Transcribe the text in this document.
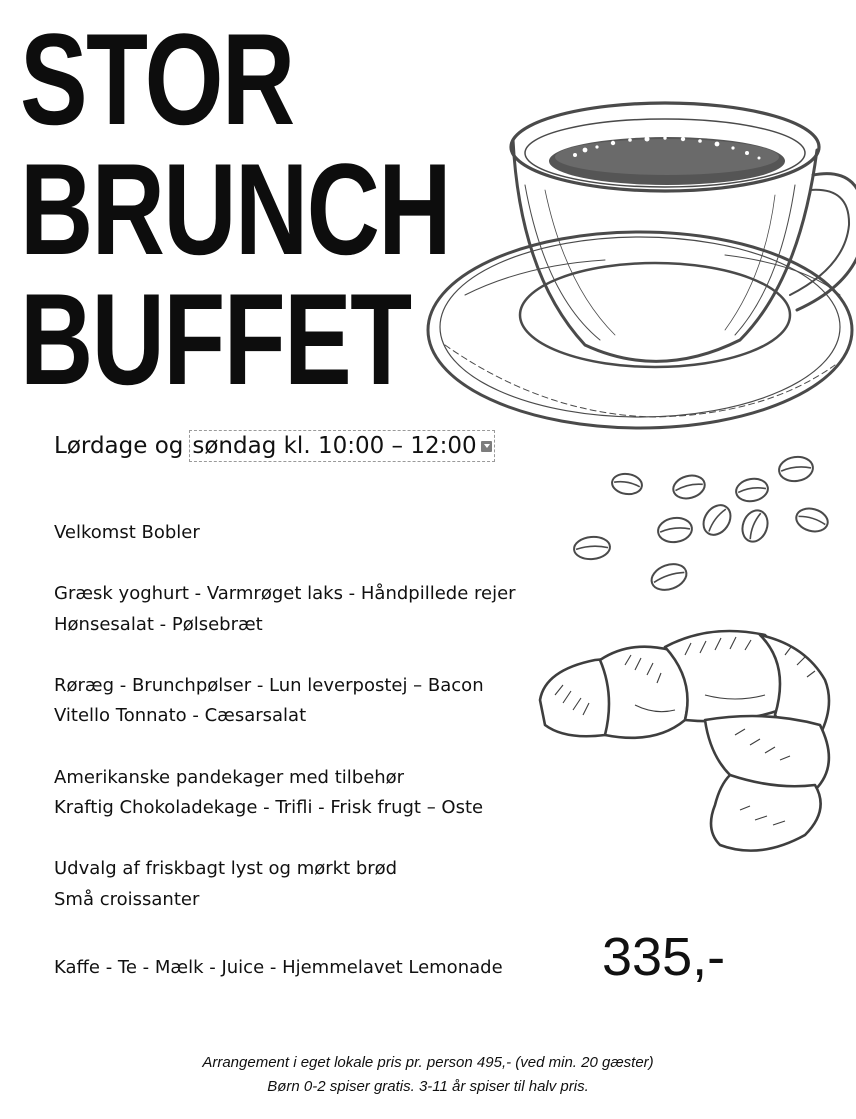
STOR
BRUNCH
BUFFET
Lørdage og søndag kl. 10:00 – 12:00
Velkomst Bobler
Græsk yoghurt - Varmrøget laks - Håndpillede rejer
Hønsesalat - Pølsebræt
Røræg - Brunchpølser - Lun leverpostej – Bacon
Vitello Tonnato - Cæsarsalat
Amerikanske pandekager med tilbehør
Kraftig Chokoladekage - Trifli - Frisk frugt – Oste
Udvalg af friskbagt lyst og mørkt brød
Små croissanter
Kaffe - Te - Mælk - Juice - Hjemmelavet Lemonade 335,-
Arrangement i eget lokale pris pr. person 495,- (ved min. 20 gæster)
Børn 0-2 spiser gratis. 3-11 år spiser til halv pris.
